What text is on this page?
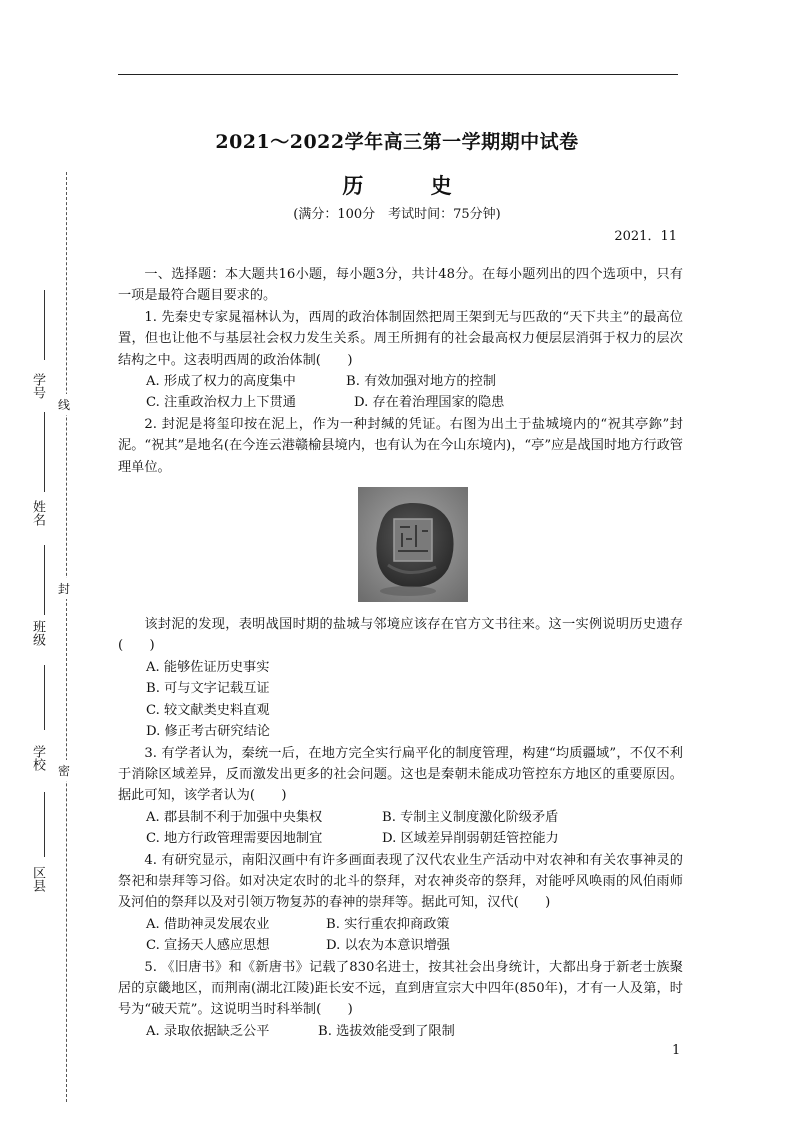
2021～2022学年高三第一学期期中试卷
历 史
(满分：100分　考试时间：75分钟)
2021．11
线
封
密
学号
姓名
班级
学校
区县

一、选择题：本大题共16小题，每小题3分，共计48分。在每小题列出的四个选项中，只有一项是最符合题目要求的。

1. 先秦史专家晁福林认为，西周的政治体制固然把周王架到无与匹敌的“天下共主”的最高位置，但也让他不与基层社会权力发生关系。周王所拥有的社会最高权力便层层消弭于权力的层次结构之中。这表明西周的政治体制(　　)

A. 形成了权力的高度集中	B. 有效加强对地方的控制
C. 注重政治权力上下贯通	D. 存在着治理国家的隐患

2. 封泥是将玺印按在泥上，作为一种封缄的凭证。右图为出土于盐城境内的“祝其亭鉨”封泥。“祝其”是地名(在今连云港赣榆县境内，也有认为在今山东境内)，“亭”应是战国时地方行政管理单位。

该封泥的发现，表明战国时期的盐城与邻境应该存在官方文书往来。这一实例说明历史遗存(　　)

A. 能够佐证历史事实

B. 可与文字记载互证

C. 较文献类史料直观

D. 修正考古研究结论

3. 有学者认为，秦统一后，在地方完全实行扁平化的制度管理，构建“均质疆域”，不仅不利于消除区域差异，反而激发出更多的社会问题。这也是秦朝未能成功管控东方地区的重要原因。据此可知，该学者认为(　　)

A. 郡县制不利于加强中央集权	B. 专制主义制度激化阶级矛盾
C. 地方行政管理需要因地制宜	D. 区域差异削弱朝廷管控能力

4. 有研究显示，南阳汉画中有许多画面表现了汉代农业生产活动中对农神和有关农事神灵的祭祀和崇拜等习俗。如对决定农时的北斗的祭拜，对农神炎帝的祭拜，对能呼风唤雨的风伯雨师及河伯的祭拜以及对引领万物复苏的春神的崇拜等。据此可知，汉代(　　)

A. 借助神灵发展农业	B. 实行重农抑商政策
C. 宣扬天人感应思想	D. 以农为本意识增强

5. 《旧唐书》和《新唐书》记载了830名进士，按其社会出身统计，大都出身于新老士族聚居的京畿地区，而荆南(湖北江陵)距长安不远，直到唐宣宗大中四年(850年)，才有一人及第，时号为“破天荒”。这说明当时科举制(　　)

A. 录取依据缺乏公平	B. 选拔效能受到了限制
1
